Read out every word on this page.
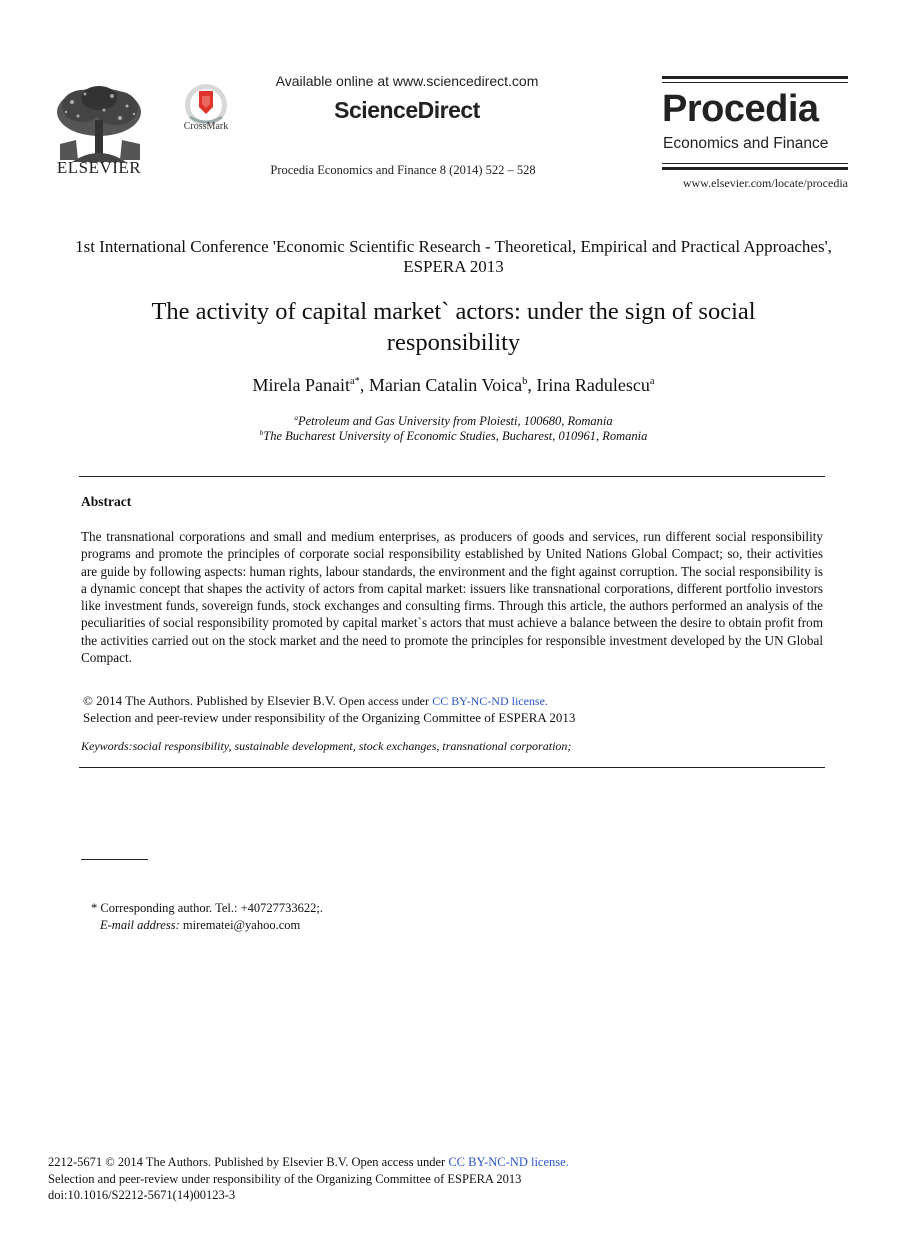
ELSEVIER
CrossMark
Available online at www.sciencedirect.com
ScienceDirect
Procedia Economics and Finance 8 (2014) 522 – 528
Procedia
Economics and Finance
www.elsevier.com/locate/procedia
1st International Conference 'Economic Scientific Research - Theoretical, Empirical and Practical Approaches', ESPERA 2013
The activity of capital market` actors: under the sign of social responsibility
Mirela Panait$^{a*}$, Marian Catalin Voica$^b$, Irina Radulescu$^a$
$^a$Petroleum and Gas University from Ploiesti, 100680, Romania
$^b$The Bucharest University of Economic Studies, Bucharest, 010961, Romania
Abstract
The transnational corporations and small and medium enterprises, as producers of goods and services, run different social responsibility programs and promote the principles of corporate social responsibility established by United Nations Global Compact; so, their activities are guide by following aspects: human rights, labour standards, the environment and the fight against corruption. The social responsibility is a dynamic concept that shapes the activity of actors from capital market: issuers like transnational corporations, different portfolio investors like investment funds, sovereign funds, stock exchanges and consulting firms. Through this article, the authors performed an analysis of the peculiarities of social responsibility promoted by capital market`s actors that must achieve a balance between the desire to obtain profit from the activities carried out on the stock market and the need to promote the principles for responsible investment developed by the UN Global Compact.
© 2014 The Authors. Published by Elsevier B.V. Open access under CC BY-NC-ND license.
Selection and peer-review under responsibility of the Organizing Committee of ESPERA 2013
Keywords:social responsibility, sustainable development, stock exchanges, transnational corporation;
* Corresponding author. Tel.: +40727733622;.
E-mail address: mirematei@yahoo.com
2212-5671 © 2014 The Authors. Published by Elsevier B.V. Open access under CC BY-NC-ND license.
Selection and peer-review under responsibility of the Organizing Committee of ESPERA 2013
doi:10.1016/S2212-5671(14)00123-3
